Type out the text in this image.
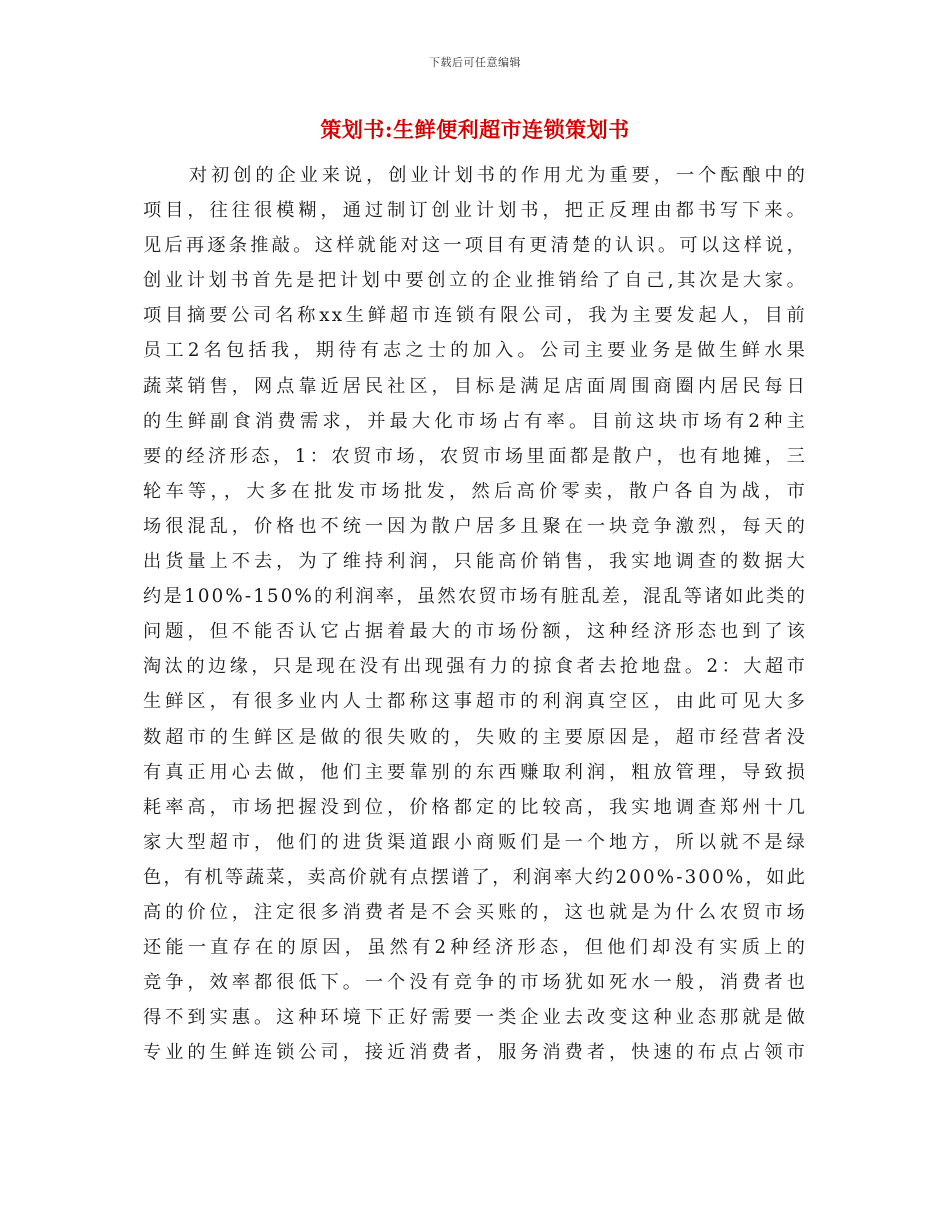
下载后可任意编辑
策划书:生鲜便利超市连锁策划书
对初创的企业来说，创业计划书的作用尤为重要，一个酝酿中的
项目，往往很模糊，通过制订创业计划书，把正反理由都书写下来。
见后再逐条推敲。这样就能对这一项目有更清楚的认识。可以这样说，
创业计划书首先是把计划中要创立的企业推销给了自己,其次是大家。
项目摘要公司名称xx生鲜超市连锁有限公司，我为主要发起人，目前
员工2名包括我，期待有志之士的加入。公司主要业务是做生鲜水果
蔬菜销售，网点靠近居民社区，目标是满足店面周围商圈内居民每日
的生鲜副食消费需求，并最大化市场占有率。目前这块市场有2种主
要的经济形态，1：农贸市场，农贸市场里面都是散户，也有地摊，三
轮车等，，大多在批发市场批发，然后高价零卖，散户各自为战，市
场很混乱，价格也不统一因为散户居多且聚在一块竞争激烈，每天的
出货量上不去，为了维持利润，只能高价销售，我实地调查的数据大
约是100%-150%的利润率，虽然农贸市场有脏乱差，混乱等诸如此类的
问题，但不能否认它占据着最大的市场份额，这种经济形态也到了该
淘汰的边缘，只是现在没有出现强有力的掠食者去抢地盘。2：大超市
生鲜区，有很多业内人士都称这事超市的利润真空区，由此可见大多
数超市的生鲜区是做的很失败的，失败的主要原因是，超市经营者没
有真正用心去做，他们主要靠别的东西赚取利润，粗放管理，导致损
耗率高，市场把握没到位，价格都定的比较高，我实地调查郑州十几
家大型超市，他们的进货渠道跟小商贩们是一个地方，所以就不是绿
色，有机等蔬菜，卖高价就有点摆谱了，利润率大约200%-300%，如此
高的价位，注定很多消费者是不会买账的，这也就是为什么农贸市场
还能一直存在的原因，虽然有2种经济形态，但他们却没有实质上的
竞争，效率都很低下。一个没有竞争的市场犹如死水一般，消费者也
得不到实惠。这种环境下正好需要一类企业去改变这种业态那就是做
专业的生鲜连锁公司，接近消费者，服务消费者，快速的布点占领市
